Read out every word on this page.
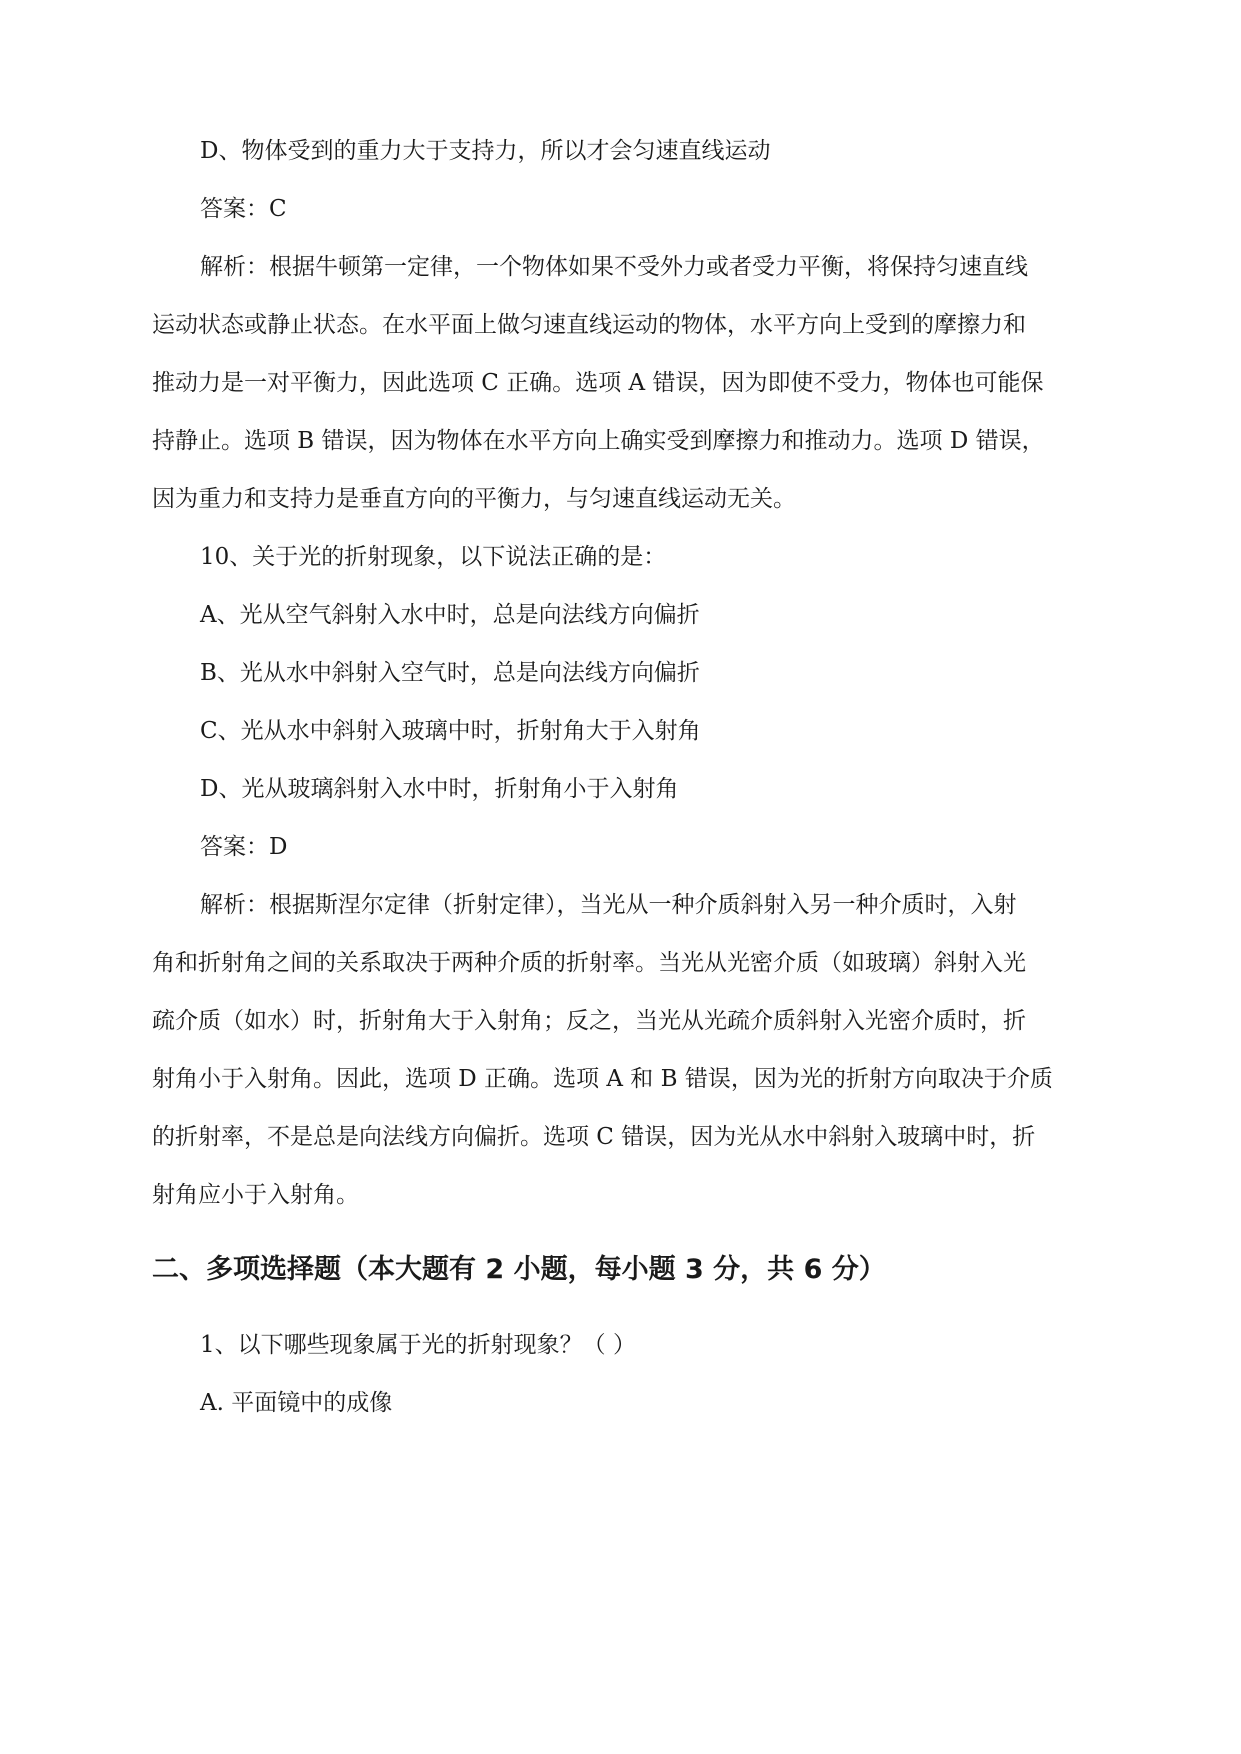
D、物体受到的重力大于支持力，所以才会匀速直线运动
答案：C
解析：根据牛顿第一定律，一个物体如果不受外力或者受力平衡，将保持匀速直线
运动状态或静止状态。在水平面上做匀速直线运动的物体，水平方向上受到的摩擦力和
推动力是一对平衡力，因此选项 C 正确。选项 A 错误，因为即使不受力，物体也可能保
持静止。选项 B 错误，因为物体在水平方向上确实受到摩擦力和推动力。选项 D 错误，
因为重力和支持力是垂直方向的平衡力，与匀速直线运动无关。
10、关于光的折射现象，以下说法正确的是：
A、光从空气斜射入水中时，总是向法线方向偏折
B、光从水中斜射入空气时，总是向法线方向偏折
C、光从水中斜射入玻璃中时，折射角大于入射角
D、光从玻璃斜射入水中时，折射角小于入射角
答案：D
解析：根据斯涅尔定律（折射定律），当光从一种介质斜射入另一种介质时，入射
角和折射角之间的关系取决于两种介质的折射率。当光从光密介质（如玻璃）斜射入光
疏介质（如水）时，折射角大于入射角；反之，当光从光疏介质斜射入光密介质时，折
射角小于入射角。因此，选项 D 正确。选项 A 和 B 错误，因为光的折射方向取决于介质
的折射率，不是总是向法线方向偏折。选项 C 错误，因为光从水中斜射入玻璃中时，折
射角应小于入射角。
二、多项选择题（本大题有 2 小题，每小题 3 分，共 6 分）
1、以下哪些现象属于光的折射现象？（ ）
A. 平面镜中的成像
